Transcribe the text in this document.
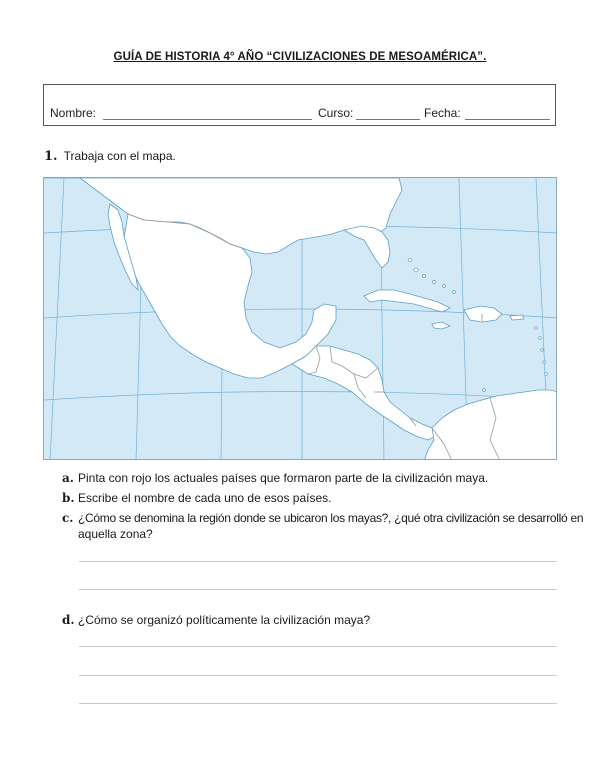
GUÍA DE HISTORIA 4° AÑO “CIVILIZACIONES DE MESOAMÉRICA”.
Nombre:	Curso:	Fecha:
1. Trabaja con el mapa.
a. Pinta con rojo los actuales países que formaron parte de la civilización maya.
b. Escribe el nombre de cada uno de esos países.
c. ¿Cómo se denomina la región donde se ubicaron los mayas?, ¿qué otra civilización se desarrolló en
aquella zona?
d. ¿Cómo se organizó políticamente la civilización maya?
